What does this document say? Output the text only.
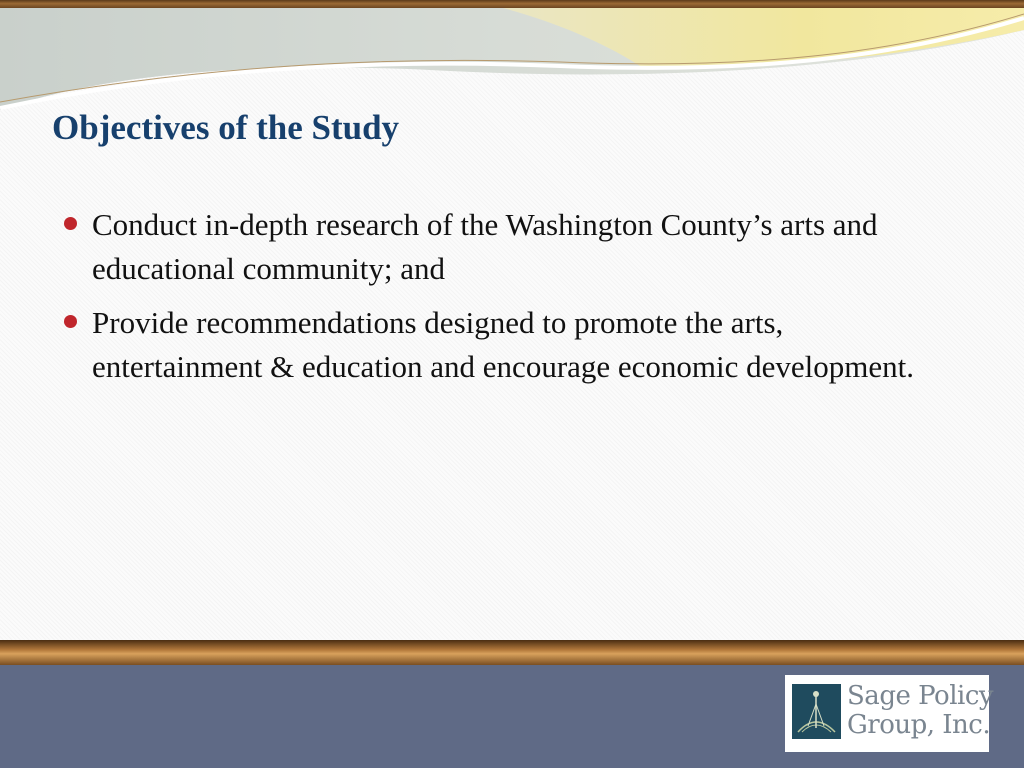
Objectives of the Study
Conduct in-depth research of the Washington County’s arts and educational community; and
Provide recommendations designed to promote the arts, entertainment & education and encourage economic development.
Sage Policy
Group, Inc.
